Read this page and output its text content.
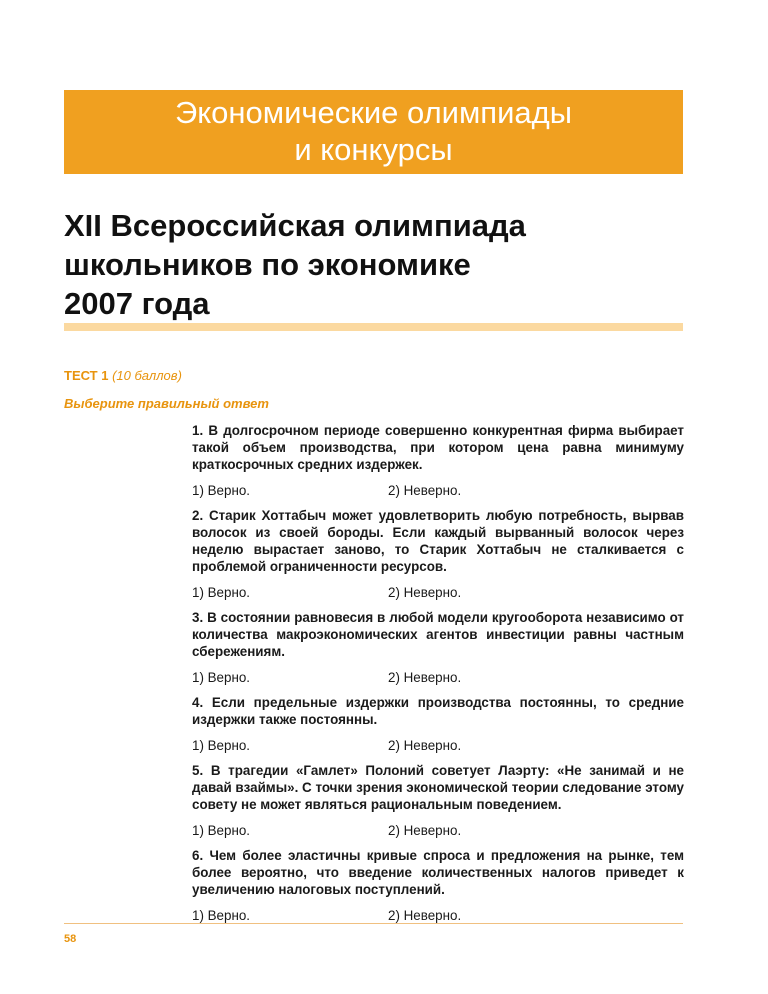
Экономические олимпиады
и конкурсы
XII Всероссийская олимпиада
школьников по экономике
2007 года
ТЕСТ 1 (10 баллов)
Выберите правильный ответ
1. В долгосрочном периоде совершенно конкурентная фирма выбирает такой объем производства, при котором цена равна минимуму краткосрочных средних издержек.
1) Верно.	2) Неверно.
2. Старик Хоттабыч может удовлетворить любую потребность, вырвав волосок из своей бороды. Если каждый вырванный волосок через неделю вырастает заново, то Старик Хоттабыч не сталкивается с проблемой ограниченности ресурсов.
1) Верно.	2) Неверно.
3. В состоянии равновесия в любой модели кругооборота независимо от количества макроэкономических агентов инвестиции равны частным сбережениям.
1) Верно.	2) Неверно.
4. Если предельные издержки производства постоянны, то средние издержки также постоянны.
1) Верно.	2) Неверно.
5. В трагедии «Гамлет» Полоний советует Лаэрту: «Не занимай и не давай взаймы». С точки зрения экономической теории следование этому совету не может являться рациональным поведением.
1) Верно.	2) Неверно.
6. Чем более эластичны кривые спроса и предложения на рынке, тем более вероятно, что введение количественных налогов приведет к увеличению налоговых поступлений.
1) Верно.	2) Неверно.
58
